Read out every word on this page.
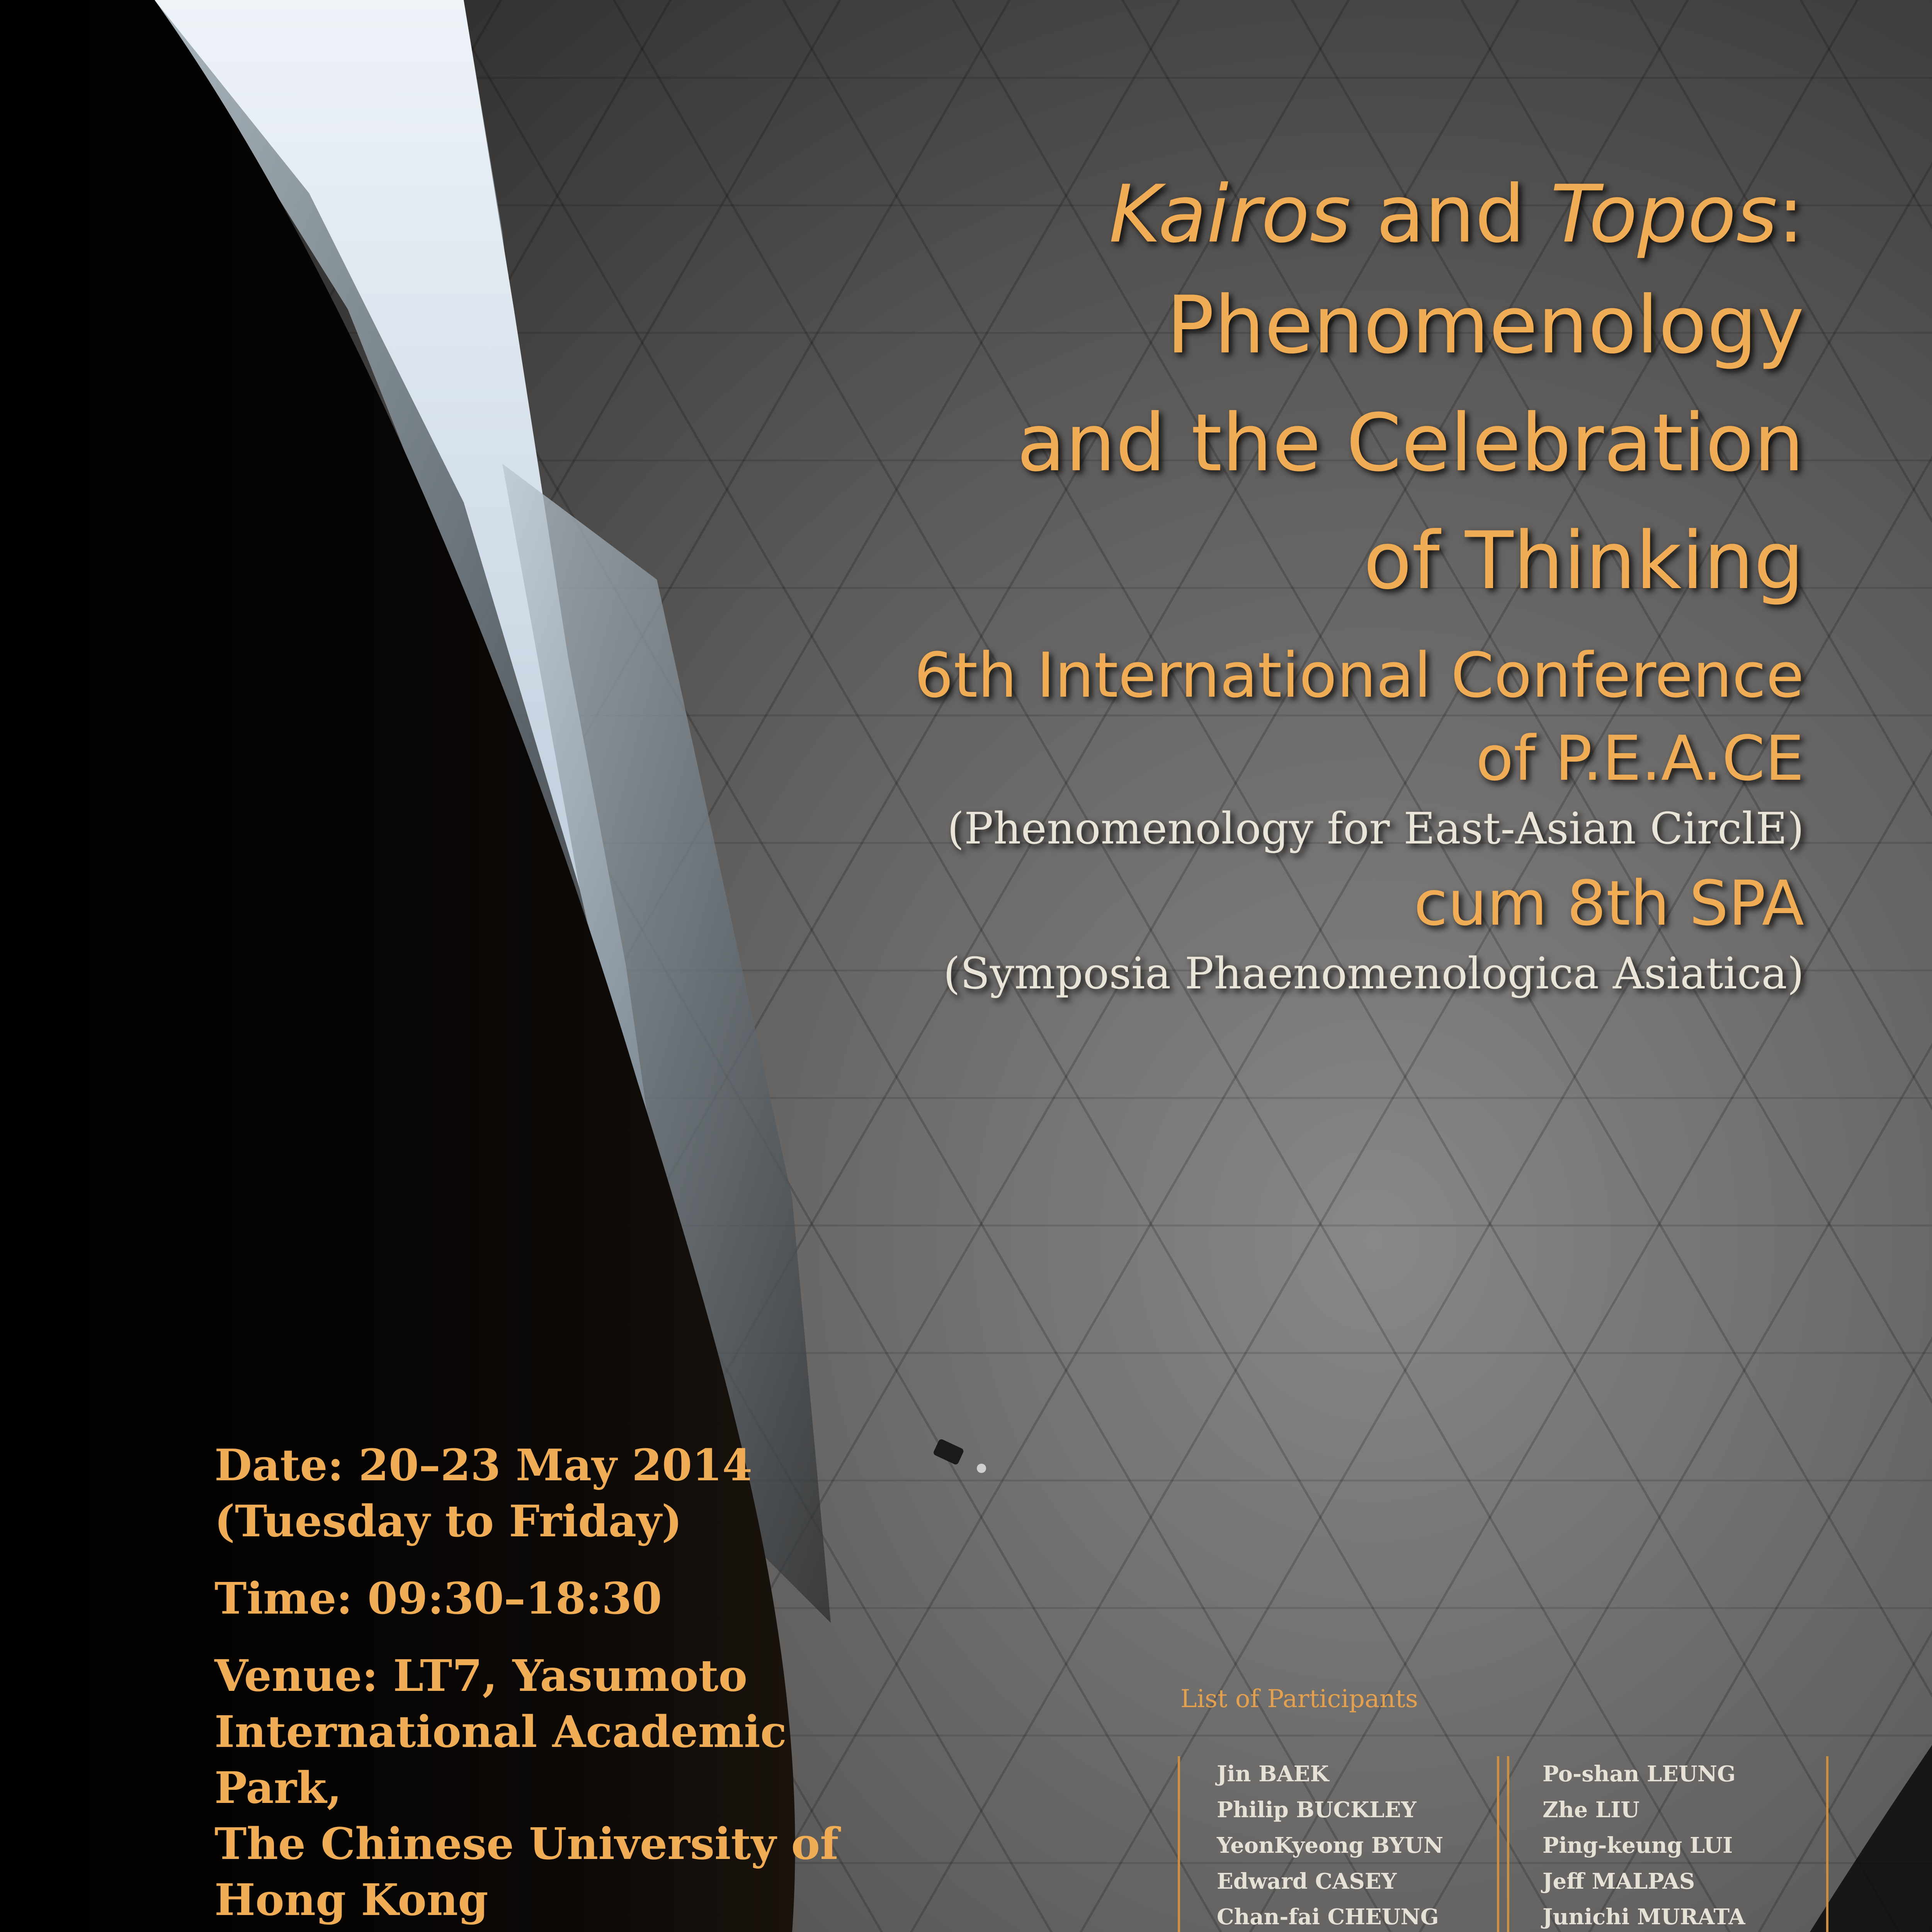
Kairos and Topos:
Phenomenology
and the Celebration
of Thinking
6th International Conference
of P.E.A.CE
(Phenomenology for East-Asian CirclE)
cum 8th SPA
(Symposia Phaenomenologica Asiatica)
Date: 20–23 May 2014
(Tuesday to Friday)
Time: 09:30–18:30
Venue: LT7, Yasumoto
International Academic Park,
The Chinese University of
Hong Kong
List of Participants
Jin BAEK
Philip BUCKLEY
YeonKyeong BYUN
Edward CASEY
Chan-fai CHEUNG
Po-shan LEUNG
Zhe LIU
Ping-keung LUI
Jeff MALPAS
Junichi MURATA
